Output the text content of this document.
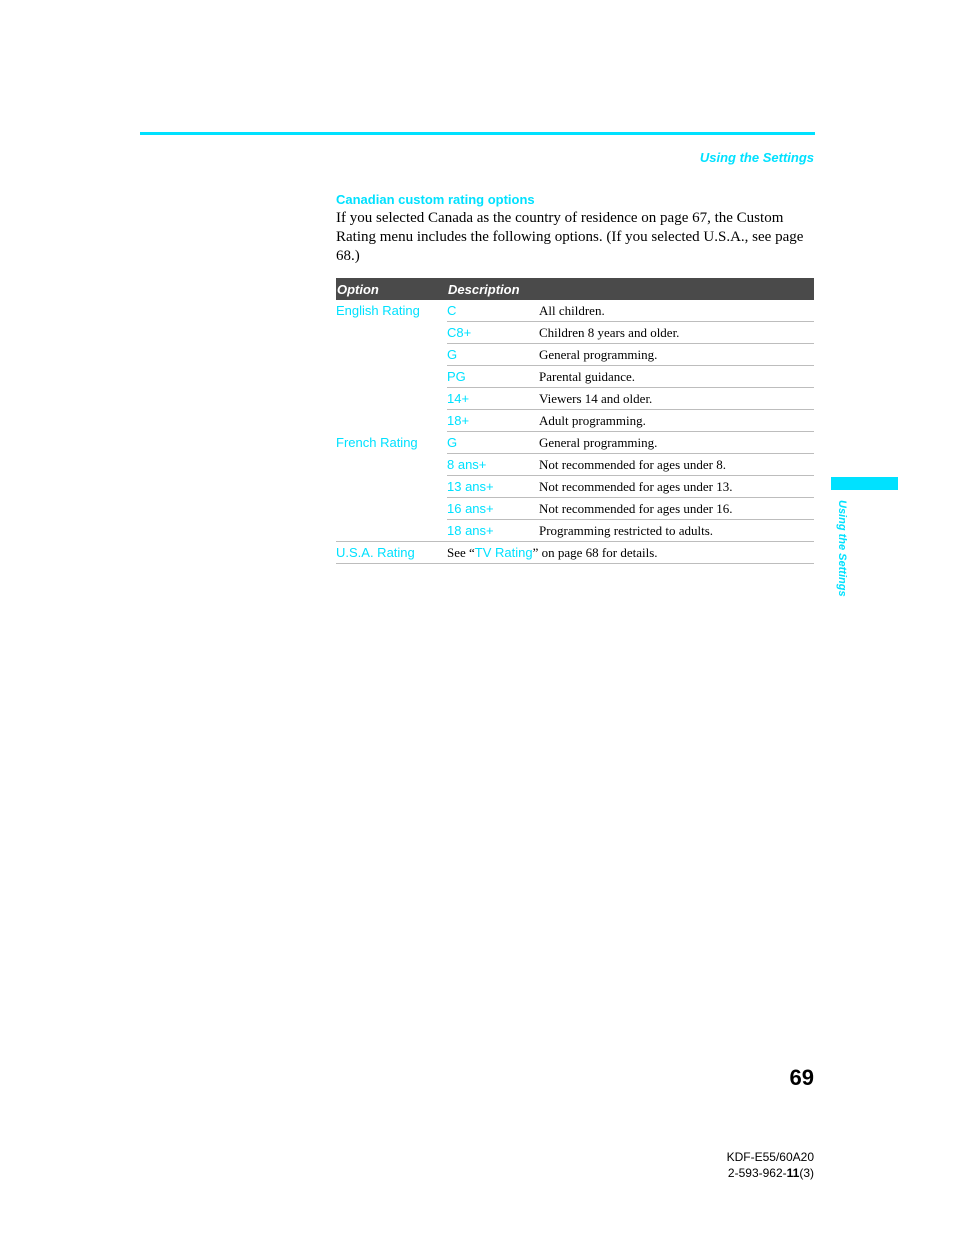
Using the Settings
Canadian custom rating options

If you selected Canada as the country of residence on page 67, the Custom Rating menu includes the following options. (If you selected U.S.A., see page 68.)

Option	Description	
English Rating	C	All children.
	C8+	Children 8 years and older.
	G	General programming.
	PG	Parental guidance.
	14+	Viewers 14 and older.
	18+	Adult programming.
French Rating	G	General programming.
	8 ans+	Not recommended for ages under 8.
	13 ans+	Not recommended for ages under 13.
	16 ans+	Not recommended for ages under 16.
	18 ans+	Programming restricted to adults.
U.S.A. Rating	See “TV Rating” on page 68 for details.		Using the Settings
69
KDF-E55/60A20
2-593-962-11(3)
